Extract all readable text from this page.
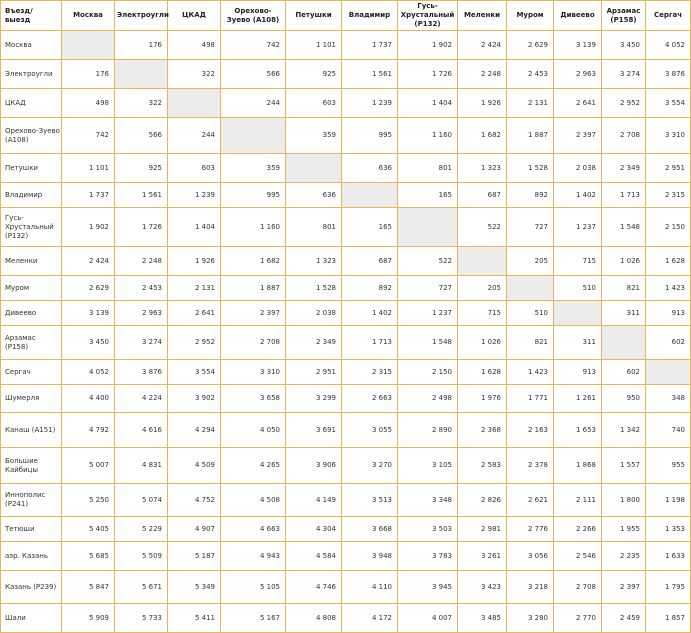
Въезд/ выезд	Москва	Электроугли	ЦКАД	Орехово-Зуево (А108)	Петушки	Владимир	Гусь-Хрустальный (Р132)	Меленки	Муром	Дивеево	Арзамас (Р158)	Сергач
Москва		176	498	742	1 101	1 737	1 902	2 424	2 629	3 139	3 450	4 052
Электроугли	176		322	566	925	1 561	1 726	2 248	2 453	2 963	3 274	3 876
ЦКАД	498	322		244	603	1 239	1 404	1 926	2 131	2 641	2 952	3 554
Орехово-Зуево (А108)	742	566	244		359	995	1 160	1 682	1 887	2 397	2 708	3 310
Петушки	1 101	925	603	359		636	801	1 323	1 528	2 038	2 349	2 951
Владимир	1 737	1 561	1 239	995	636		165	687	892	1 402	1 713	2 315
Гусь-Хрустальный (Р132)	1 902	1 726	1 404	1 160	801	165		522	727	1 237	1 548	2 150
Меленки	2 424	2 248	1 926	1 682	1 323	687	522		205	715	1 026	1 628
Муром	2 629	2 453	2 131	1 887	1 528	892	727	205		510	821	1 423
Дивеево	3 139	2 963	2 641	2 397	2 038	1 402	1 237	715	510		311	913
Арзамас (Р158)	3 450	3 274	2 952	2 708	2 349	1 713	1 548	1 026	821	311		602
Сергач	4 052	3 876	3 554	3 310	2 951	2 315	2 150	1 628	1 423	913	602	
Шумерля	4 400	4 224	3 902	3 658	3 299	2 663	2 498	1 976	1 771	1 261	950	348
Канаш (А151)	4 792	4 616	4 294	4 050	3 691	3 055	2 890	2 368	2 163	1 653	1 342	740
Большие Кайбицы	5 007	4 831	4 509	4 265	3 906	3 270	3 105	2 583	2 378	1 868	1 557	955
Иннополис (Р241)	5 250	5 074	4 752	4 508	4 149	3 513	3 348	2 826	2 621	2 111	1 800	1 198
Тетюши	5 405	5 229	4 907	4 663	4 304	3 668	3 503	2 981	2 776	2 266	1 955	1 353
аэр. Казань	5 685	5 509	5 187	4 943	4 584	3 948	3 783	3 261	3 056	2 546	2 235	1 633
Казань (Р239)	5 847	5 671	5 349	5 105	4 746	4 110	3 945	3 423	3 218	2 708	2 397	1 795
Шали	5 909	5 733	5 411	5 167	4 808	4 172	4 007	3 485	3 280	2 770	2 459	1 857
